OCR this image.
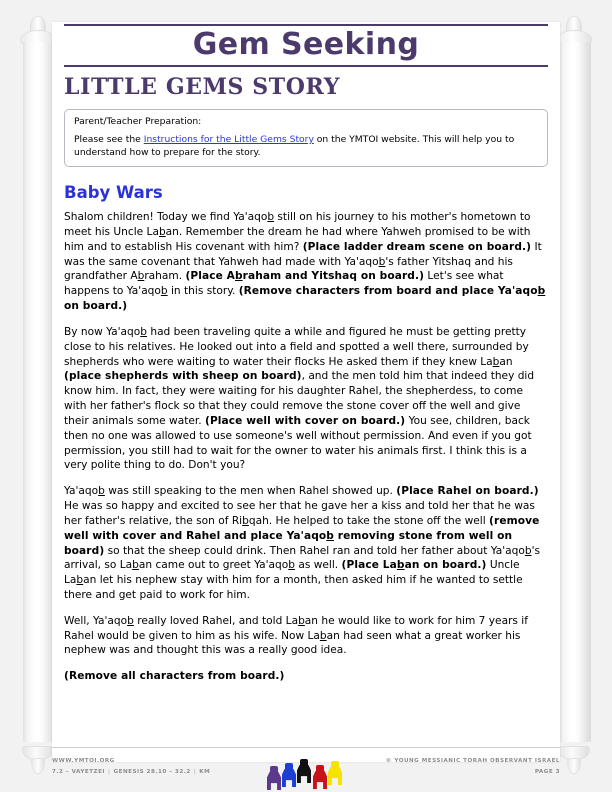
Gem Seeking
LITTLE GEMS STORY
Parent/Teacher Preparation:
Please see the Instructions for the Little Gems Story on the YMTOI website. This will help you to understand how to prepare for the story.
Baby Wars
Shalom children! Today we find Ya'aqob still on his journey to his mother's hometown to meet his Uncle Laban. Remember the dream he had where Yahweh promised to be with him and to establish His covenant with him? (Place ladder dream scene on board.) It was the same covenant that Yahweh had made with Ya'aqob's father Yitshaq and his grandfather Abraham. (Place Abraham and Yitshaq on board.) Let's see what happens to Ya'aqob in this story. (Remove characters from board and place Ya'aqob on board.)
By now Ya'aqob had been traveling quite a while and figured he must be getting pretty close to his relatives. He looked out into a field and spotted a well there, surrounded by shepherds who were waiting to water their flocks He asked them if they knew Laban (place shepherds with sheep on board), and the men told him that indeed they did know him. In fact, they were waiting for his daughter Rahel, the shepherdess, to come with her father's flock so that they could remove the stone cover off the well and give their animals some water. (Place well with cover on board.) You see, children, back then no one was allowed to use someone's well without permission. And even if you got permission, you still had to wait for the owner to water his animals first. I think this is a very polite thing to do. Don't you?
Ya'aqob was still speaking to the men when Rahel showed up. (Place Rahel on board.) He was so happy and excited to see her that he gave her a kiss and told her that he was her father's relative, the son of Ribqah. He helped to take the stone off the well (remove well with cover and Rahel and place Ya'aqob removing stone from well on board) so that the sheep could drink. Then Rahel ran and told her father about Ya'aqob's arrival, so Laban came out to greet Ya'aqob as well. (Place Laban on board.) Uncle Laban let his nephew stay with him for a month, then asked him if he wanted to settle there and get paid to work for him.
Well, Ya'aqob really loved Rahel, and told Laban he would like to work for him 7 years if Rahel would be given to him as his wife. Now Laban had seen what a great worker his nephew was and thought this was a really good idea.
(Remove all characters from board.)
WWW.YMTOI.ORG
7.2 – VAYETZEI | GENESIS 28.10 – 32.2 | KM
© YOUNG MESSIANIC TORAH OBSERVANT ISRAEL
PAGE 3
